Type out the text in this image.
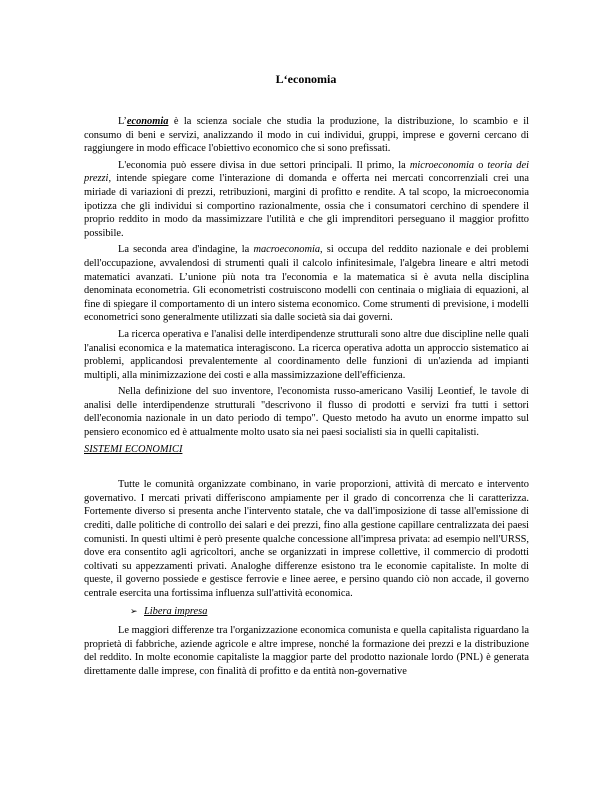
L‘economia

L’economia è la scienza sociale che studia la produzione, la distribuzione, lo scambio e il consumo di beni e servizi, analizzando il modo in cui individui, gruppi, imprese e governi cercano di raggiungere in modo efficace l'obiettivo economico che si sono prefissati.

L'economia può essere divisa in due settori principali. Il primo, la microeconomia o teoria dei prezzi, intende spiegare come l'interazione di domanda e offerta nei mercati concorrenziali crei una miriade di variazioni di prezzi, retribuzioni, margini di profitto e rendite. A tal scopo, la microeconomia ipotizza che gli individui si comportino razionalmente, ossia che i consumatori cerchino di spendere il proprio reddito in modo da massimizzare l'utilità e che gli imprenditori perseguano il maggior profitto possibile.

La seconda area d'indagine, la macroeconomia, si occupa del reddito nazionale e dei problemi dell'occupazione, avvalendosi di strumenti quali il calcolo infinitesimale, l'algebra lineare e altri metodi matematici avanzati. L’unione più nota tra l'economia e la matematica si è avuta nella disciplina denominata econometria. Gli econometristi costruiscono modelli con centinaia o migliaia di equazioni, al fine di spiegare il comportamento di un intero sistema economico. Come strumenti di previsione, i modelli econometrici sono generalmente utilizzati sia dalle società sia dai governi.

La ricerca operativa e l'analisi delle interdipendenze strutturali sono altre due discipline nelle quali l'analisi economica e la matematica interagiscono. La ricerca operativa adotta un approccio sistematico ai problemi, applicandosi prevalentemente al coordinamento delle funzioni di un'azienda ad impianti multipli, alla minimizzazione dei costi e alla massimizzazione dell'efficienza.

Nella definizione del suo inventore, l'economista russo-americano Vasilij Leontief, le tavole di analisi delle interdipendenze strutturali "descrivono il flusso di prodotti e servizi fra tutti i settori dell'economia nazionale in un dato periodo di tempo". Questo metodo ha avuto un enorme impatto sul pensiero economico ed è attualmente molto usato sia nei paesi socialisti sia in quelli capitalisti.

SISTEMI ECONOMICI

Tutte le comunità organizzate combinano, in varie proporzioni, attività di mercato e intervento governativo. I mercati privati differiscono ampiamente per il grado di concorrenza che li caratterizza. Fortemente diverso si presenta anche l'intervento statale, che va dall'imposizione di tasse all'emissione di crediti, dalle politiche di controllo dei salari e dei prezzi, fino alla gestione capillare centralizzata dei paesi comunisti. In questi ultimi è però presente qualche concessione all'impresa privata: ad esempio nell'URSS, dove era consentito agli agricoltori, anche se organizzati in imprese collettive, il commercio di prodotti coltivati su appezzamenti privati. Analoghe differenze esistono tra le economie capitaliste. In molte di queste, il governo possiede e gestisce ferrovie e linee aeree, e persino quando ciò non accade, il governo centrale esercita una fortissima influenza sull'attività economica.

➢ Libera impresa

Le maggiori differenze tra l'organizzazione economica comunista e quella capitalista riguardano la proprietà di fabbriche, aziende agricole e altre imprese, nonché la formazione dei prezzi e la distribuzione del reddito. In molte economie capitaliste la maggior parte del prodotto nazionale lordo (PNL) è generata direttamente dalle imprese, con finalità di profitto e da entità non-governative
